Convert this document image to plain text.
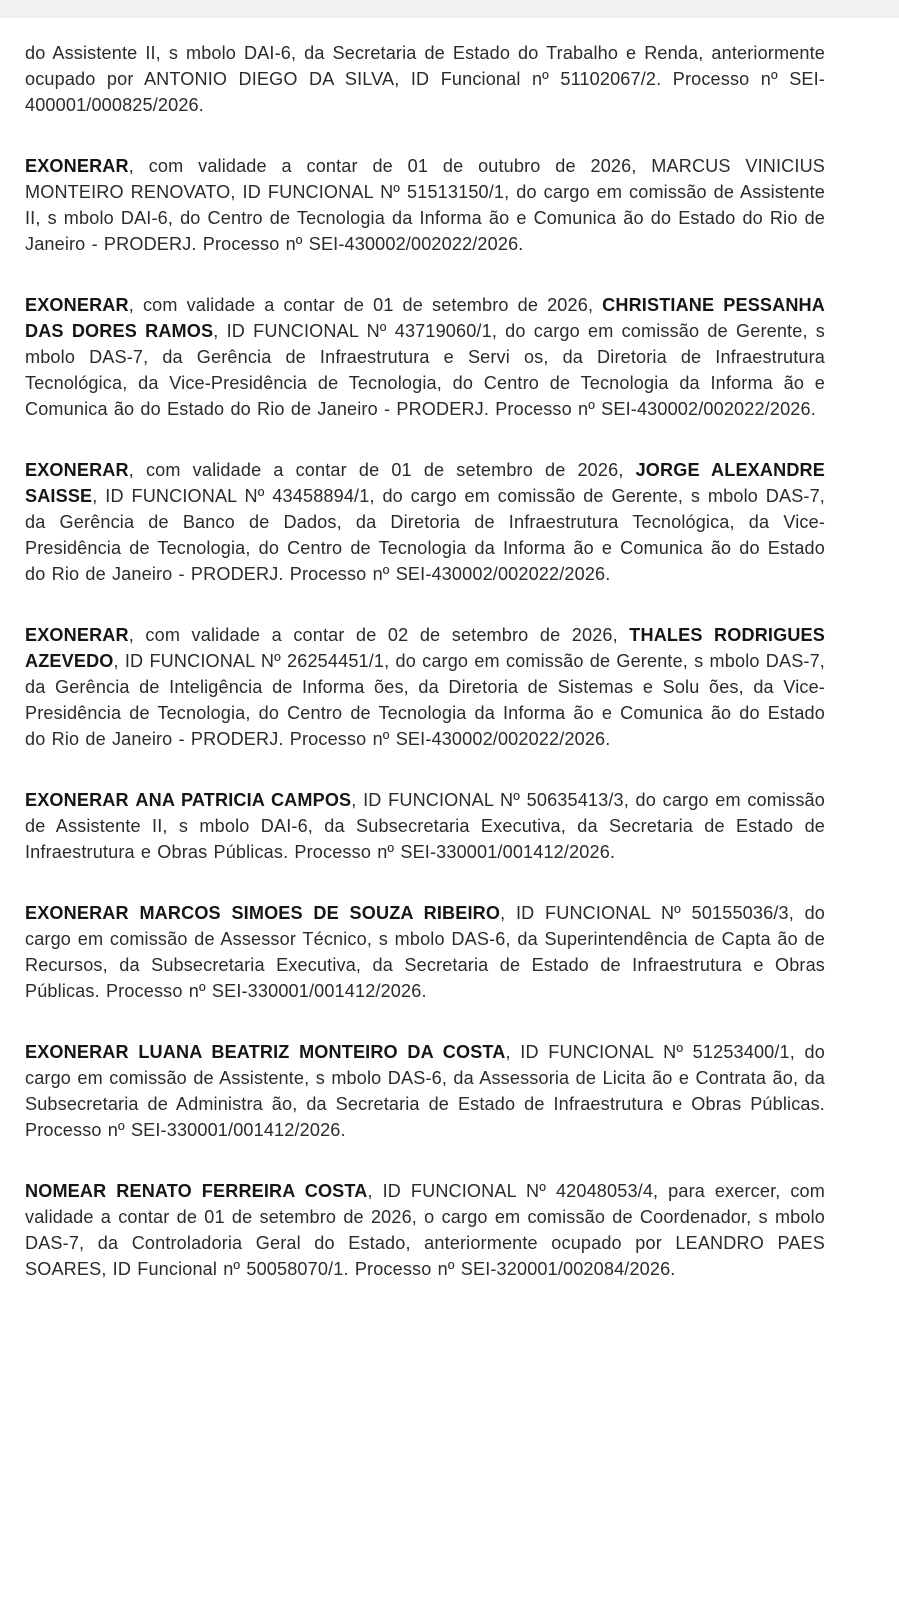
do Assistente II, s mbolo DAI-6, da Secretaria de Estado do Trabalho e Renda, anteriormente ocupado por ANTONIO DIEGO DA SILVA, ID Funcional nº 51102067/2. Processo nº SEI-400001/000825/2026.

EXONERAR, com validade a contar de 01 de outubro de 2026, MARCUS VINICIUS MONTEIRO RENOVATO, ID FUNCIONAL Nº 51513150/1, do cargo em comissão de Assistente II, s mbolo DAI-6, do Centro de Tecnologia da Informa ão e Comunica ão do Estado do Rio de Janeiro - PRODERJ. Processo nº SEI-430002/002022/2026.

EXONERAR, com validade a contar de 01 de setembro de 2026, CHRISTIANE PESSANHA DAS DORES RAMOS, ID FUNCIONAL Nº 43719060/1, do cargo em comissão de Gerente, s mbolo DAS-7, da Gerência de Infraestrutura e Servi os, da Diretoria de Infraestrutura Tecnológica, da Vice-Presidência de Tecnologia, do Centro de Tecnologia da Informa ão e Comunica ão do Estado do Rio de Janeiro - PRODERJ. Processo nº SEI-430002/002022/2026.

EXONERAR, com validade a contar de 01 de setembro de 2026, JORGE ALEXANDRE SAISSE, ID FUNCIONAL Nº 43458894/1, do cargo em comissão de Gerente, s mbolo DAS-7, da Gerência de Banco de Dados, da Diretoria de Infraestrutura Tecnológica, da Vice-Presidência de Tecnologia, do Centro de Tecnologia da Informa ão e Comunica ão do Estado do Rio de Janeiro - PRODERJ. Processo nº SEI-430002/002022/2026.

EXONERAR, com validade a contar de 02 de setembro de 2026, THALES RODRIGUES AZEVEDO, ID FUNCIONAL Nº 26254451/1, do cargo em comissão de Gerente, s mbolo DAS-7, da Gerência de Inteligência de Informa ões, da Diretoria de Sistemas e Solu ões, da Vice-Presidência de Tecnologia, do Centro de Tecnologia da Informa ão e Comunica ão do Estado do Rio de Janeiro - PRODERJ. Processo nº SEI-430002/002022/2026.

EXONERAR ANA PATRICIA CAMPOS, ID FUNCIONAL Nº 50635413/3, do cargo em comissão de Assistente II, s mbolo DAI-6, da Subsecretaria Executiva, da Secretaria de Estado de Infraestrutura e Obras Públicas. Processo nº SEI-330001/001412/2026.

EXONERAR MARCOS SIMOES DE SOUZA RIBEIRO, ID FUNCIONAL Nº 50155036/3, do cargo em comissão de Assessor Técnico, s mbolo DAS-6, da Superintendência de Capta ão de Recursos, da Subsecretaria Executiva, da Secretaria de Estado de Infraestrutura e Obras Públicas. Processo nº SEI-330001/001412/2026.

EXONERAR LUANA BEATRIZ MONTEIRO DA COSTA, ID FUNCIONAL Nº 51253400/1, do cargo em comissão de Assistente, s mbolo DAS-6, da Assessoria de Licita ão e Contrata ão, da Subsecretaria de Administra ão, da Secretaria de Estado de Infraestrutura e Obras Públicas. Processo nº SEI-330001/001412/2026.

NOMEAR RENATO FERREIRA COSTA, ID FUNCIONAL Nº 42048053/4, para exercer, com validade a contar de 01 de setembro de 2026, o cargo em comissão de Coordenador, s mbolo DAS-7, da Controladoria Geral do Estado, anteriormente ocupado por LEANDRO PAES SOARES, ID Funcional nº 50058070/1. Processo nº SEI-320001/002084/2026.
